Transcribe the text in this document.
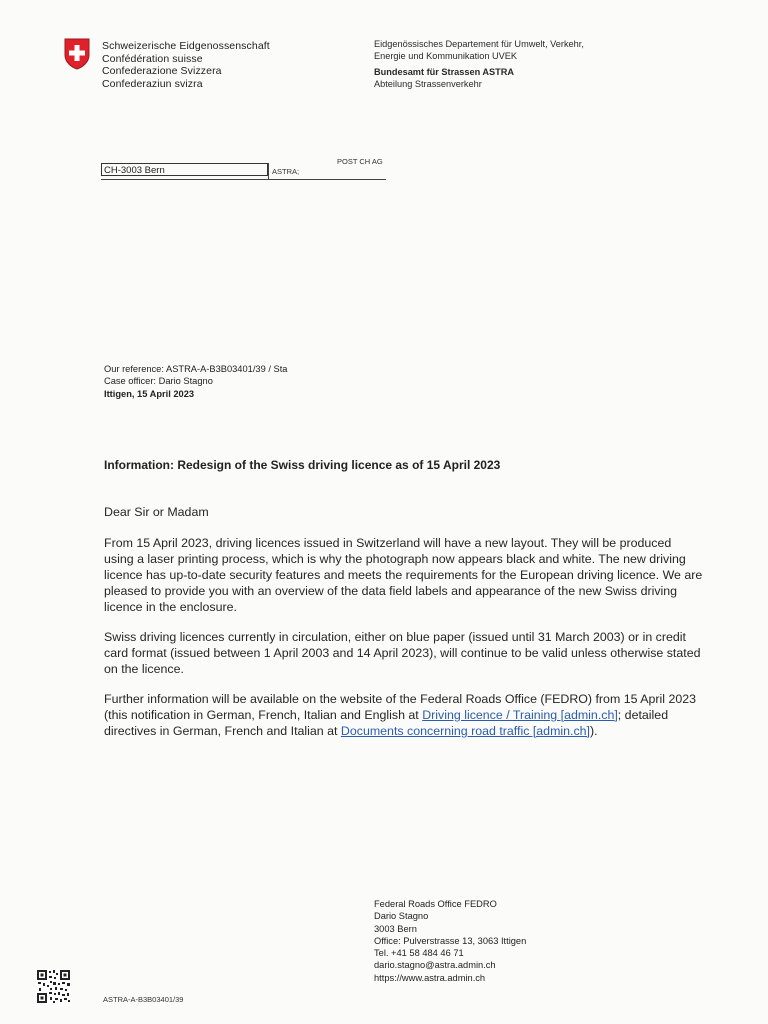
Schweizerische Eidgenossenschaft
Confédération suisse
Confederazione Svizzera
Confederaziun svizra
Eidgenössisches Departement für Umwelt, Verkehr,
Energie und Kommunikation UVEK
Bundesamt für Strassen ASTRA
Abteilung Strassenverkehr
POST CH AG
CH-3003 Bern	ASTRA;
Our reference: ASTRA-A-B3B03401/39 / Sta
Case officer: Dario Stagno
Ittigen, 15 April 2023
Information: Redesign of the Swiss driving licence as of 15 April 2023

Dear Sir or Madam

From 15 April 2023, driving licences issued in Switzerland will have a new layout. They will be produced using a laser printing process, which is why the photograph now appears black and white. The new driving licence has up-to-date security features and meets the requirements for the European driving licence. We are pleased to provide you with an overview of the data field labels and appearance of the new Swiss driving licence in the enclosure.

Swiss driving licences currently in circulation, either on blue paper (issued until 31 March 2003) or in credit card format (issued between 1 April 2003 and 14 April 2023), will continue to be valid unless otherwise stated on the licence.

Further information will be available on the website of the Federal Roads Office (FEDRO) from 15 April 2023 (this notification in German, French, Italian and English at Driving licence / Training [admin.ch]; detailed directives in German, French and Italian at Documents concerning road traffic [admin.ch]).

Federal Roads Office FEDRO
Dario Stagno
3003 Bern
Office: Pulverstrasse 13, 3063 Ittigen
Tel. +41 58 484 46 71
dario.stagno@astra.admin.ch
https://www.astra.admin.ch
ASTRA-A-B3B03401/39
